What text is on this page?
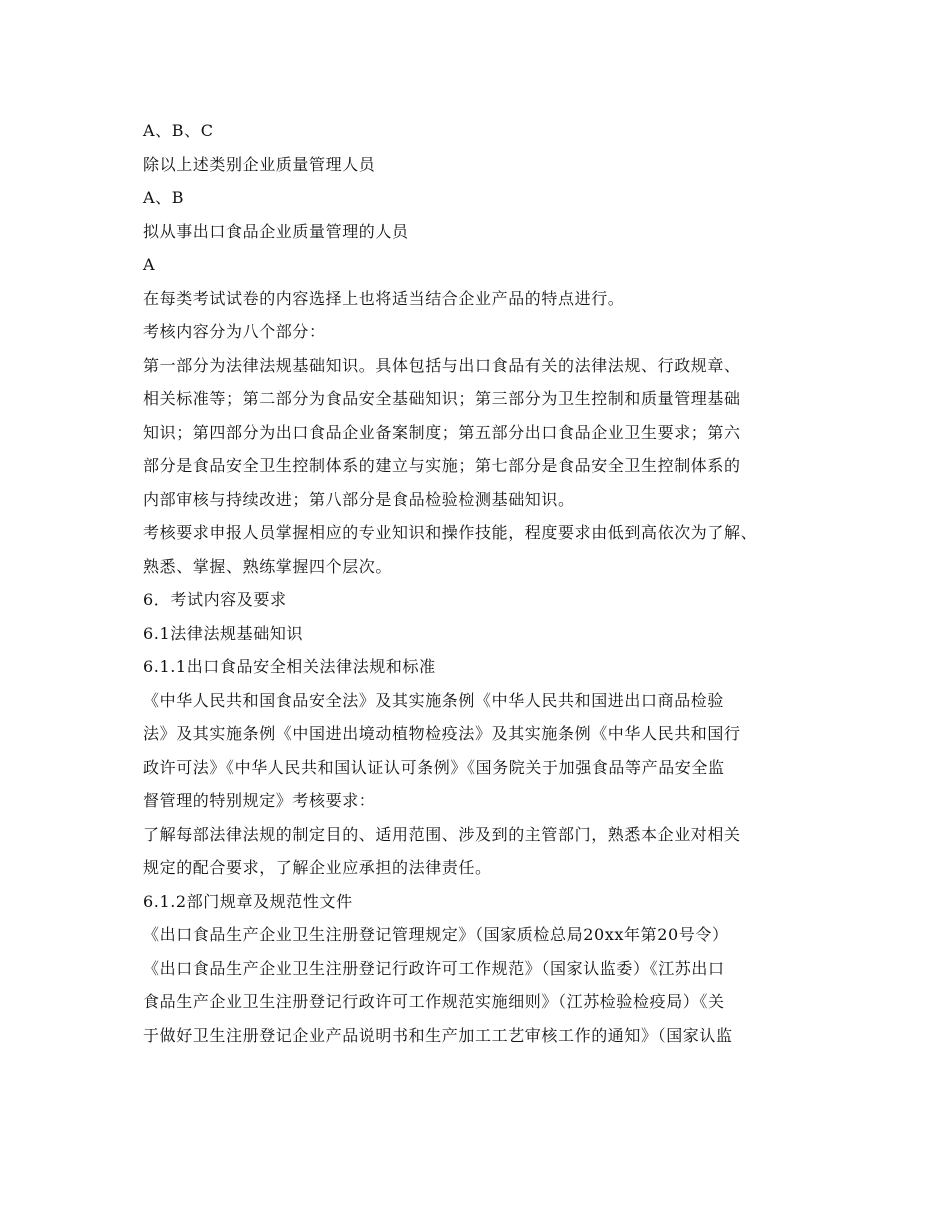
A、B、C
除以上述类别企业质量管理人员
A、B
拟从事出口食品企业质量管理的人员
A
在每类考试试卷的内容选择上也将适当结合企业产品的特点进行。
考核内容分为八个部分：
第一部分为法律法规基础知识。具体包括与出口食品有关的法律法规、行政规章、
相关标准等；第二部分为食品安全基础知识；第三部分为卫生控制和质量管理基础
知识；第四部分为出口食品企业备案制度；第五部分出口食品企业卫生要求；第六
部分是食品安全卫生控制体系的建立与实施；第七部分是食品安全卫生控制体系的
内部审核与持续改进；第八部分是食品检验检测基础知识。
考核要求申报人员掌握相应的专业知识和操作技能，程度要求由低到高依次为了解、
熟悉、掌握、熟练掌握四个层次。
6．考试内容及要求
6.1法律法规基础知识
6.1.1出口食品安全相关法律法规和标准
《中华人民共和国食品安全法》及其实施条例《中华人民共和国进出口商品检验
法》及其实施条例《中国进出境动植物检疫法》及其实施条例《中华人民共和国行
政许可法》《中华人民共和国认证认可条例》《国务院关于加强食品等产品安全监
督管理的特别规定》考核要求：
了解每部法律法规的制定目的、适用范围、涉及到的主管部门，熟悉本企业对相关
规定的配合要求，了解企业应承担的法律责任。
6.1.2部门规章及规范性文件
《出口食品生产企业卫生注册登记管理规定》（国家质检总局20xx年第20号令）
《出口食品生产企业卫生注册登记行政许可工作规范》（国家认监委）《江苏出口
食品生产企业卫生注册登记行政许可工作规范实施细则》（江苏检验检疫局）《关
于做好卫生注册登记企业产品说明书和生产加工工艺审核工作的通知》（国家认监
